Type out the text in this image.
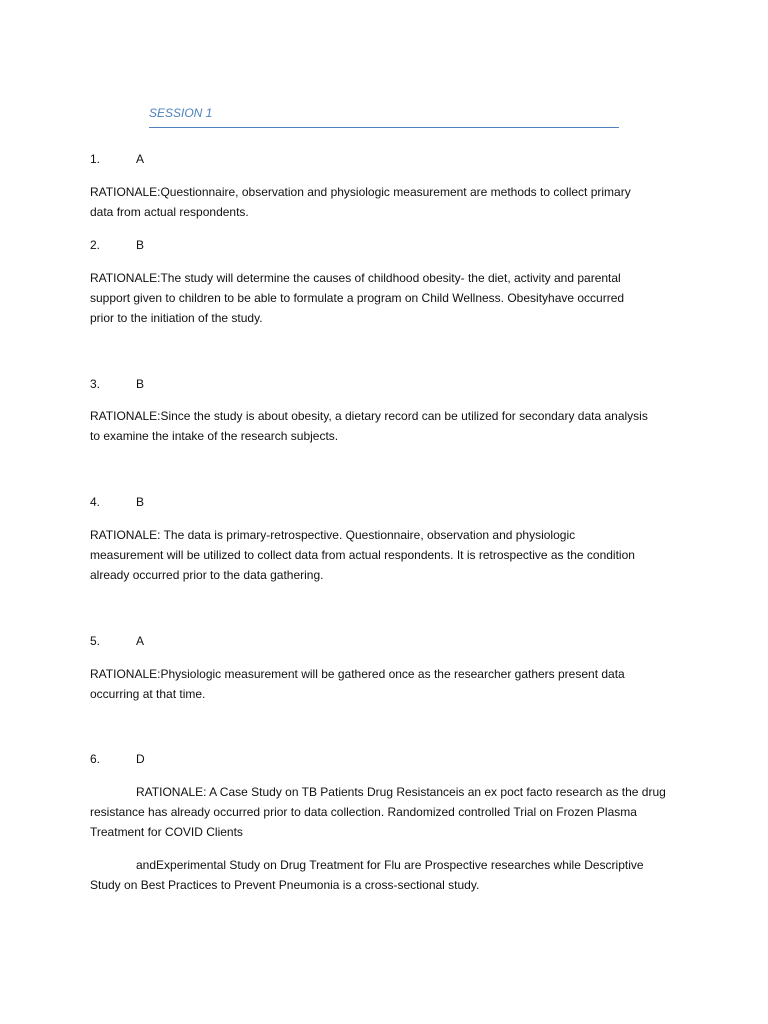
SESSION 1
1.	A

RATIONALE:Questionnaire, observation and physiologic measurement are methods to collect primary
data from actual respondents.

2.	B

RATIONALE:The study will determine the causes of childhood obesity- the diet, activity and parental
support given to children to be able to formulate a program on Child Wellness. Obesityhave occurred
prior to the initiation of the study.

3.	B

RATIONALE:Since the study is about obesity, a dietary record can be utilized for secondary data analysis
to examine the intake of the research subjects.

4.	B

RATIONALE: The data is primary-retrospective. Questionnaire, observation and physiologic
measurement will be utilized to collect data from actual respondents. It is retrospective as the condition
already occurred prior to the data gathering.

5.	A

RATIONALE:Physiologic measurement will be gathered once as the researcher gathers present data
occurring at that time.

6.	D

RATIONALE: A Case Study on TB Patients Drug Resistanceis an ex poct facto research as the drug
resistance has already occurred prior to data collection. Randomized controlled Trial on Frozen Plasma
Treatment for COVID Clients

andExperimental Study on Drug Treatment for Flu are Prospective researches while Descriptive
Study on Best Practices to Prevent Pneumonia is a cross-sectional study.
